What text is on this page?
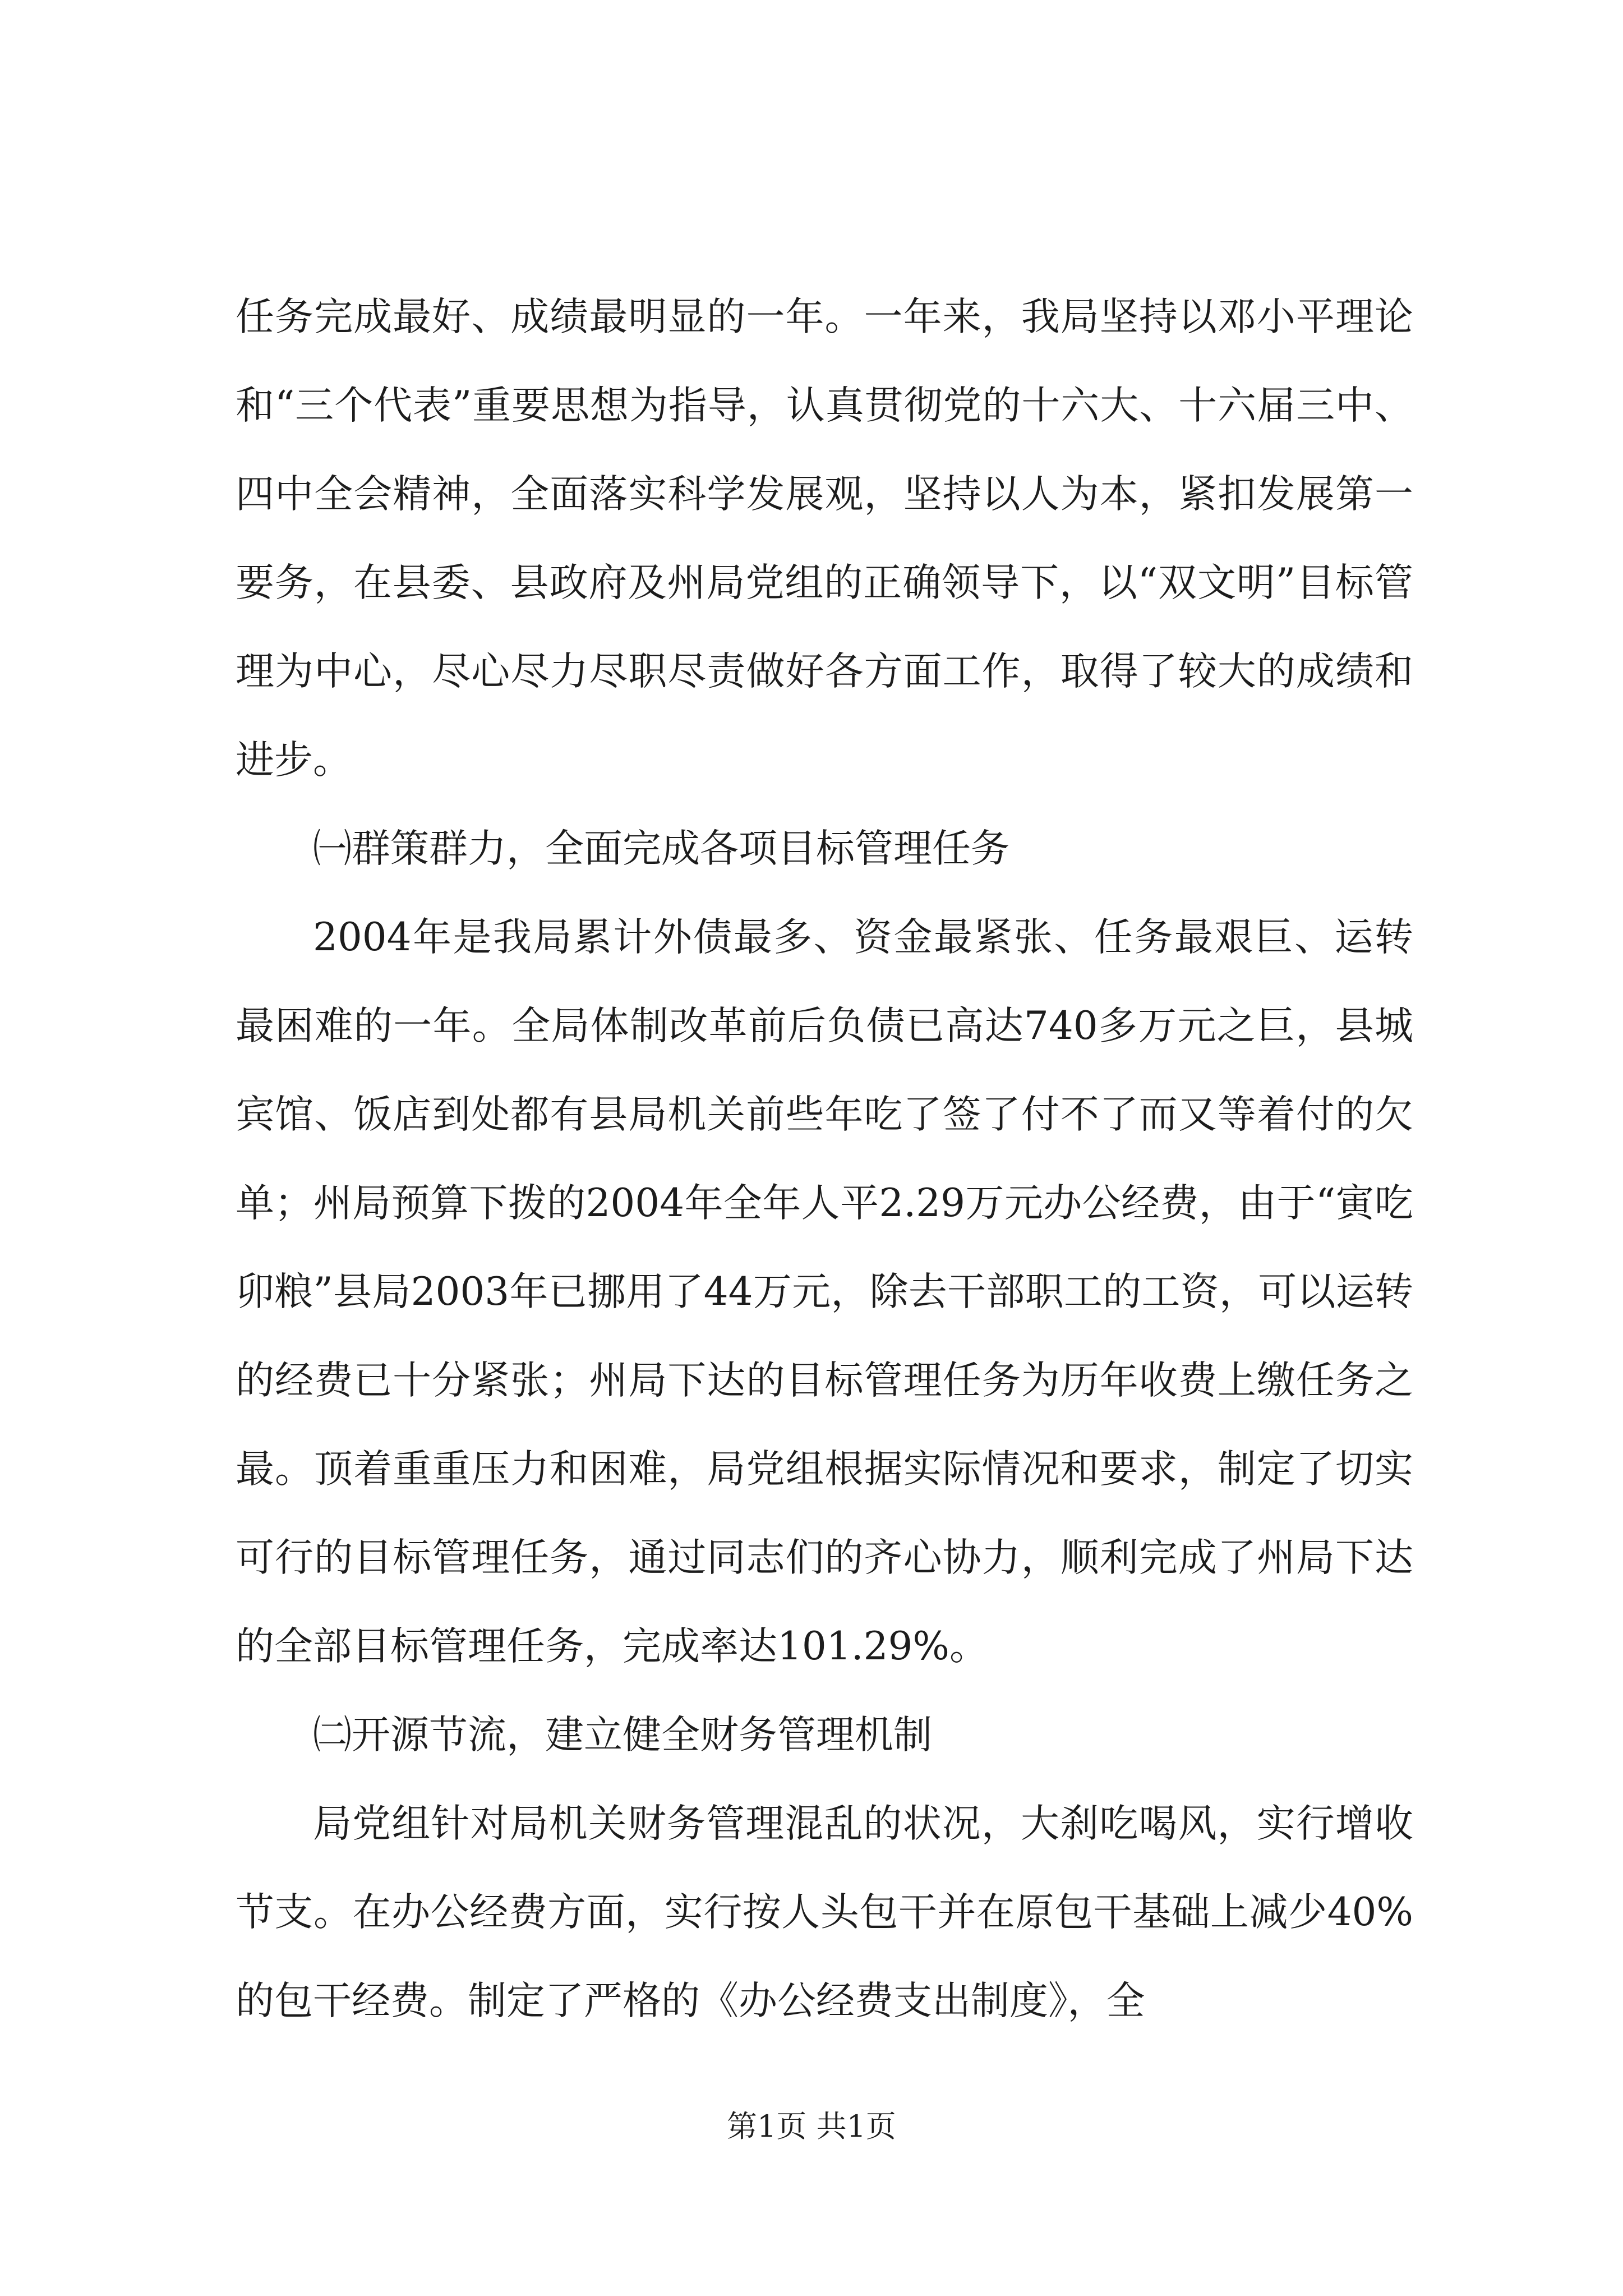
任务完成最好、成绩最明显的一年。一年来，我局坚持以邓小平理论和“三个代表”重要思想为指导，认真贯彻党的十六大、十六届三中、四中全会精神，全面落实科学发展观，坚持以人为本，紧扣发展第一要务，在县委、县政府及州局党组的正确领导下，以“双文明”目标管理为中心，尽心尽力尽职尽责做好各方面工作，取得了较大的成绩和进步。

㈠群策群力，全面完成各项目标管理任务

2004年是我局累计外债最多、资金最紧张、任务最艰巨、运转最困难的一年。全局体制改革前后负债已高达740多万元之巨，县城宾馆、饭店到处都有县局机关前些年吃了签了付不了而又等着付的欠单；州局预算下拨的2004年全年人平2.29万元办公经费，由于“寅吃卯粮”县局2003年已挪用了44万元，除去干部职工的工资，可以运转的经费已十分紧张；州局下达的目标管理任务为历年收费上缴任务之最。顶着重重压力和困难，局党组根据实际情况和要求，制定了切实可行的目标管理任务，通过同志们的齐心协力，顺利完成了州局下达的全部目标管理任务，完成率达101.29%。

㈡开源节流，建立健全财务管理机制

局党组针对局机关财务管理混乱的状况，大刹吃喝风，实行增收节支。在办公经费方面，实行按人头包干并在原包干基础上减少40%的包干经费。制定了严格的《办公经费支出制度》，全

第1页 共1页
